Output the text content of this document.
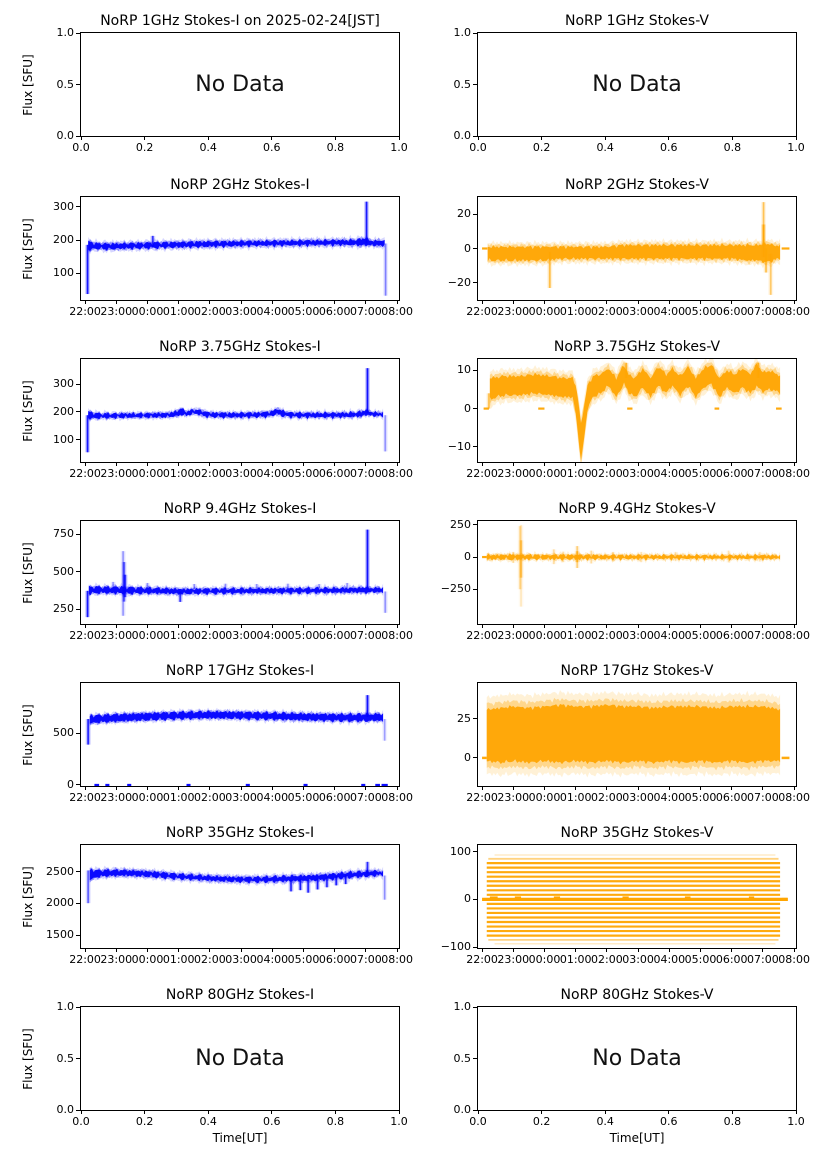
NoRP 1GHz Stokes-I on 2025-02-24[JST]
No Data
0.0	0.2	0.4	0.6	0.8	1.0
0.0
0.5
1.0
Flux [SFU]
NoRP 1GHz Stokes-V
No Data
0.0	0.2	0.4	0.6	0.8	1.0
0.0
0.5
1.0
NoRP 2GHz Stokes-I
22:00 23:00 00:00 01:00 02:00 03:00 04:00 05:00 06:00 07:00 08:00
100
200
300
Flux [SFU]
NoRP 2GHz Stokes-V
22:00 23:00 00:00 01:00 02:00 03:00 04:00 05:00 06:00 07:00 08:00
−20
0
20
NoRP 3.75GHz Stokes-I
22:00 23:00 00:00 01:00 02:00 03:00 04:00 05:00 06:00 07:00 08:00
100
200
300
Flux [SFU]
NoRP 3.75GHz Stokes-V
22:00 23:00 00:00 01:00 02:00 03:00 04:00 05:00 06:00 07:00 08:00
−10
0
10
NoRP 9.4GHz Stokes-I
22:00 23:00 00:00 01:00 02:00 03:00 04:00 05:00 06:00 07:00 08:00
250
500
750
Flux [SFU]
NoRP 9.4GHz Stokes-V
22:00 23:00 00:00 01:00 02:00 03:00 04:00 05:00 06:00 07:00 08:00
−250
0
250
NoRP 17GHz Stokes-I
22:00 23:00 00:00 01:00 02:00 03:00 04:00 05:00 06:00 07:00 08:00
0
500
Flux [SFU]
NoRP 17GHz Stokes-V
22:00 23:00 00:00 01:00 02:00 03:00 04:00 05:00 06:00 07:00 08:00
0
25
NoRP 35GHz Stokes-I
22:00 23:00 00:00 01:00 02:00 03:00 04:00 05:00 06:00 07:00 08:00
1500
2000
2500
Flux [SFU]
NoRP 35GHz Stokes-V
22:00 23:00 00:00 01:00 02:00 03:00 04:00 05:00 06:00 07:00 08:00
−100
0
100
NoRP 80GHz Stokes-I
No Data
0.0	0.2	0.4	0.6	0.8	1.0
0.0
0.5
1.0
Flux [SFU]
Time[UT]
NoRP 80GHz Stokes-V
No Data
0.0	0.2	0.4	0.6	0.8	1.0
0.0
0.5
1.0
Time[UT]
